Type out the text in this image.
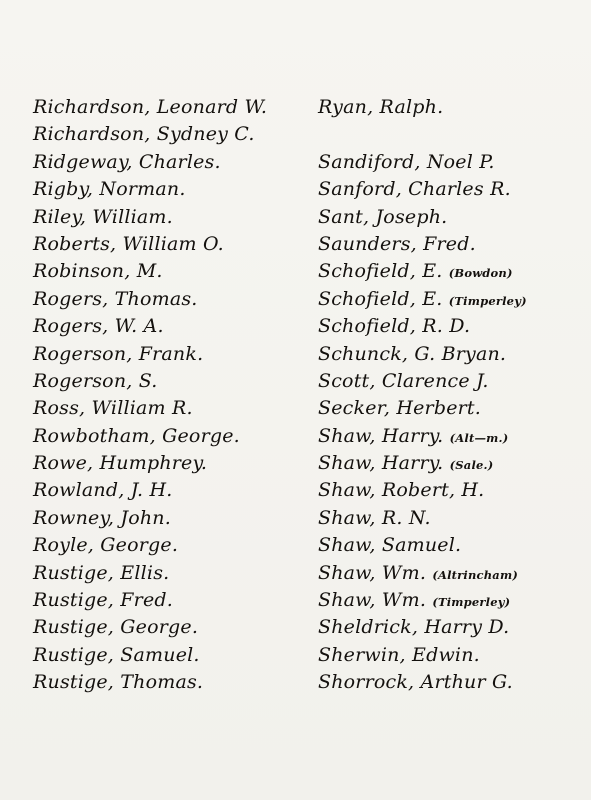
Richardson, Leonard W.
Richardson, Sydney C.
Ridgeway, Charles.
Rigby, Norman.
Riley, William.
Roberts, William O.
Robinson, M.
Rogers, Thomas.
Rogers, W. A.
Rogerson, Frank.
Rogerson, S.
Ross, William R.
Rowbotham, George.
Rowe, Humphrey.
Rowland, J. H.
Rowney, John.
Royle, George.
Rustige, Ellis.
Rustige, Fred.
Rustige, George.
Rustige, Samuel.
Rustige, Thomas.
Ryan, Ralph.
Sandiford, Noel P.
Sanford, Charles R.
Sant, Joseph.
Saunders, Fred.
Schofield, E. (Bowdon)
Schofield, E. (Timperley)
Schofield, R. D.
Schunck, G. Bryan.
Scott, Clarence J.
Secker, Herbert.
Shaw, Harry. (Alt—m.)
Shaw, Harry. (Sale.)
Shaw, Robert, H.
Shaw, R. N.
Shaw, Samuel.
Shaw, Wm. (Altrincham)
Shaw, Wm. (Timperley)
Sheldrick, Harry D.
Sherwin, Edwin.
Shorrock, Arthur G.
